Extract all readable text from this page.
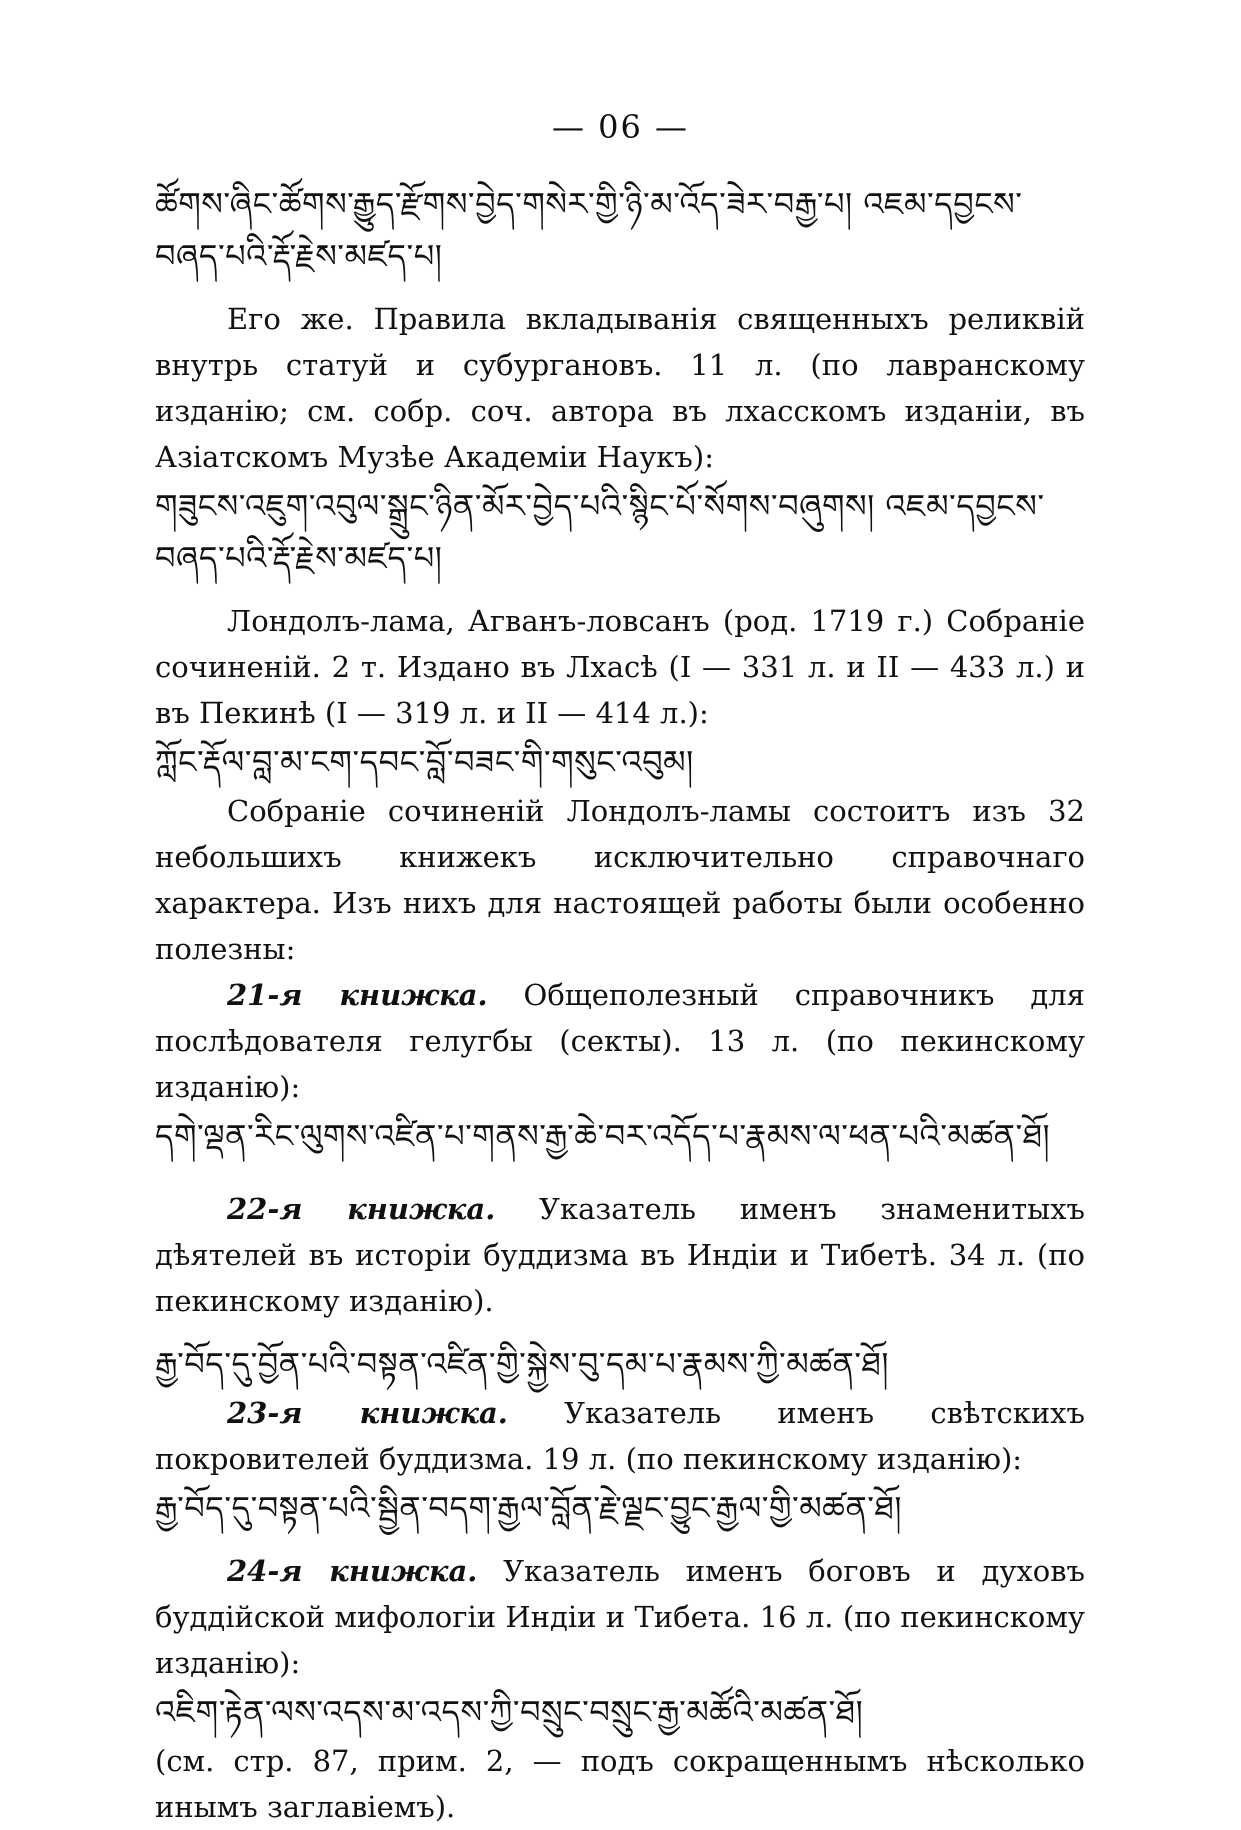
— 06 —

ཚོགས་ཞིང་ཚོགས་རྒྱུད་རྫོགས་བྱེད་གསེར་གྱི་ཉི་མ་འོད་ཟེར་བརྒྱ་པ། འཇམ་དབྱངས་བཞད་པའི་རྡོ་རྗེས་མཛད་པ།

Его же. Правила вкладыванія священныхъ реликвій внутрь статуй и субургановъ. 11 л. (по лавранскому изданію; см. собр. соч. автора въ лхасскомъ изданіи, въ Азіатскомъ Музѣе Академіи Наукъ):

གཟུངས་འཇུག་འབུལ་སྒྲུང་ཉིན་མོར་བྱེད་པའི་སྙིང་པོ་སོགས་བཞུགས། འཇམ་དབྱངས་བཞད་པའི་རྡོ་རྗེས་མཛད་པ།

Лондолъ-лама, Агванъ-ловсанъ (род. 1719 г.) Собраніе сочиненій. 2 т. Издано въ Лхасѣ (I — 331 л. и II — 433 л.) и въ Пекинѣ (I — 319 л. и II — 414 л.):

ཀློང་རྡོལ་བླ་མ་ངག་དབང་བློ་བཟང་གི་གསུང་འབུམ།

Собраніе сочиненій Лондолъ-ламы состоитъ изъ 32 небольшихъ книжекъ исключительно справочнаго характера. Изъ нихъ для настоящей работы были особенно полезны:

21-я книжка. Общеполезный справочникъ для послѣдователя гелугбы (секты). 13 л. (по пекинскому изданію):

དགེ་ལྡན་རིང་ལུགས་འཛིན་པ་གནས་རྒྱ་ཆེ་བར་འདོད་པ་རྣམས་ལ་ཕན་པའི་མཚན་ཐོ།

22-я книжка. Указатель именъ знаменитыхъ дѣятелей въ исторіи буддизма въ Индіи и Тибетѣ. 34 л. (по пекинскому изданію).

རྒྱ་བོད་དུ་བྱོན་པའི་བསྟན་འཛིན་གྱི་སྐྱེས་བུ་དམ་པ་རྣམས་ཀྱི་མཚན་ཐོ།

23-я книжка. Указатель именъ свѣтскихъ покровителей буддизма. 19 л. (по пекинскому изданію):

རྒྱ་བོད་དུ་བསྟན་པའི་སྦྱིན་བདག་རྒྱལ་བློན་རྗེ་ལྗང་བྱུང་རྒྱལ་གྱི་མཚན་ཐོ།

24-я книжка. Указатель именъ боговъ и духовъ буддійской мифологіи Индіи и Тибета. 16 л. (по пекинскому изданію):

འཇིག་རྟེན་ལས་འདས་མ་འདས་ཀྱི་བསྲུང་བསྲུང་རྒྱ་མཚོའི་མཚན་ཐོ།

(см. стр. 87, прим. 2, — подъ сокращеннымъ нѣсколько инымъ заглавіемъ).
